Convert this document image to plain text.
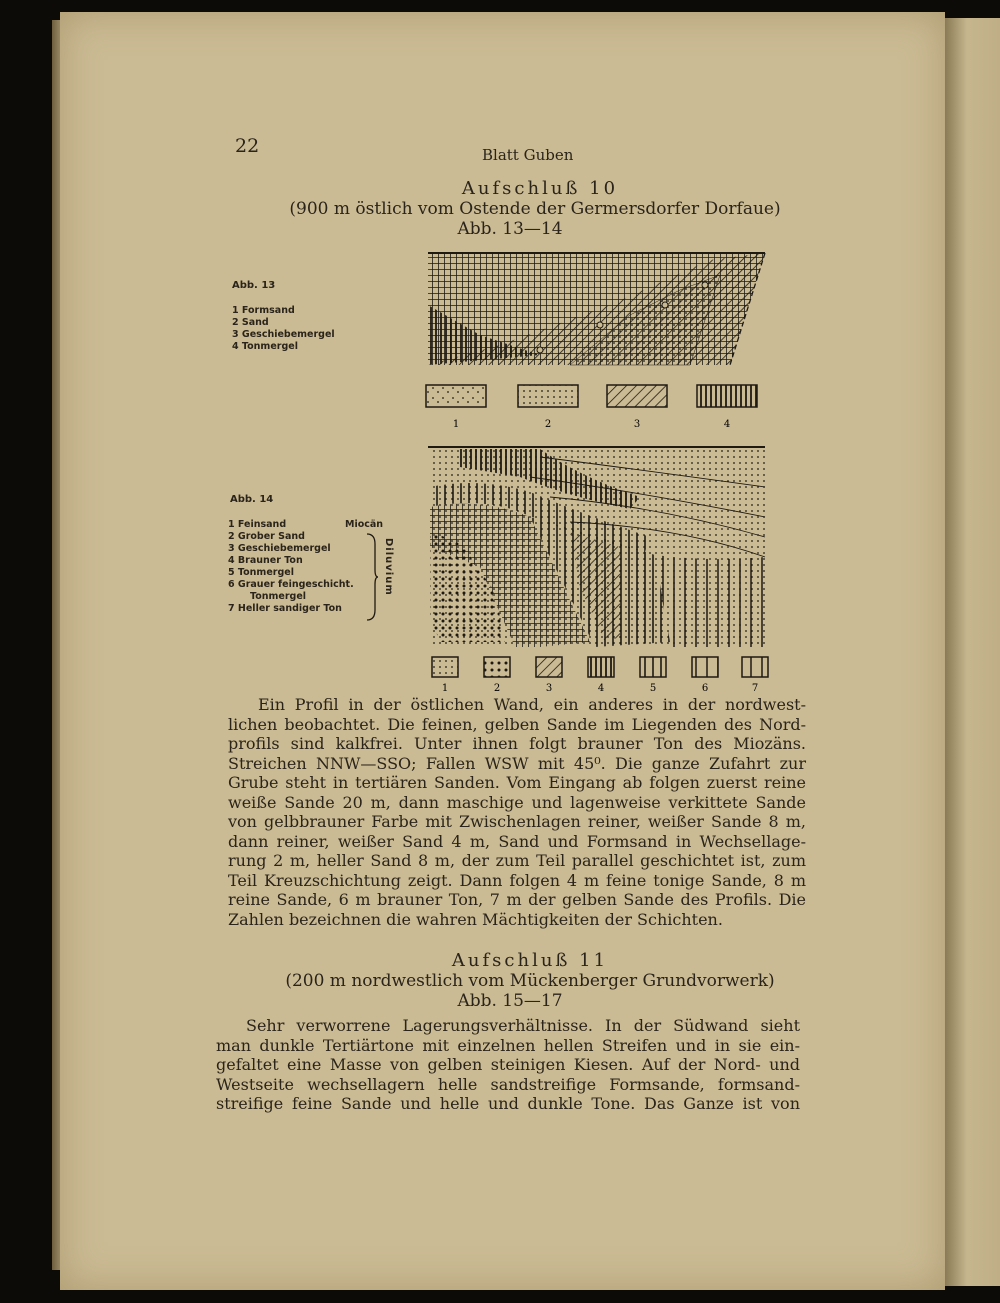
22	Blatt Guben
Aufschluß 10
(900 m östlich vom Ostende der Germersdorfer Dorfaue)
Abb. 13—14
Abb. 13
1 Formsand
2 Sand
3 Geschiebemergel
4 Tonmergel
1	2	3	4
Abb. 14
1 Feinsand
2 Grober Sand
3 Geschiebemergel
4 Brauner Ton
5 Tonmergel
6 Grauer feingeschicht.
Tonmergel
7 Heller sandiger Ton
Miocän
Diluvium
1	2	3	4	5	6	7
Ein Profil in der östlichen Wand, ein anderes in der nordwest-
lichen beobachtet. Die feinen, gelben Sande im Liegenden des Nord-
profils sind kalkfrei. Unter ihnen folgt brauner Ton des Miozäns.
Streichen NNW—SSO; Fallen WSW mit 45⁰. Die ganze Zufahrt zur
Grube steht in tertiären Sanden. Vom Eingang ab folgen zuerst reine
weiße Sande 20 m, dann maschige und lagenweise verkittete Sande
von gelbbrauner Farbe mit Zwischenlagen reiner, weißer Sande 8 m,
dann reiner, weißer Sand 4 m, Sand und Formsand in Wechsellage-
rung 2 m, heller Sand 8 m, der zum Teil parallel geschichtet ist, zum
Teil Kreuzschichtung zeigt. Dann folgen 4 m feine tonige Sande, 8 m
reine Sande, 6 m brauner Ton, 7 m der gelben Sande des Profils. Die
Zahlen bezeichnen die wahren Mächtigkeiten der Schichten.
Aufschluß 11
(200 m nordwestlich vom Mückenberger Grundvorwerk)
Abb. 15—17
Sehr verworrene Lagerungsverhältnisse. In der Südwand sieht
man dunkle Tertiärtone mit einzelnen hellen Streifen und in sie ein-
gefaltet eine Masse von gelben steinigen Kiesen. Auf der Nord- und
Westseite wechsellagern helle sandstreifige Formsande, formsand-
streifige feine Sande und helle und dunkle Tone. Das Ganze ist von
